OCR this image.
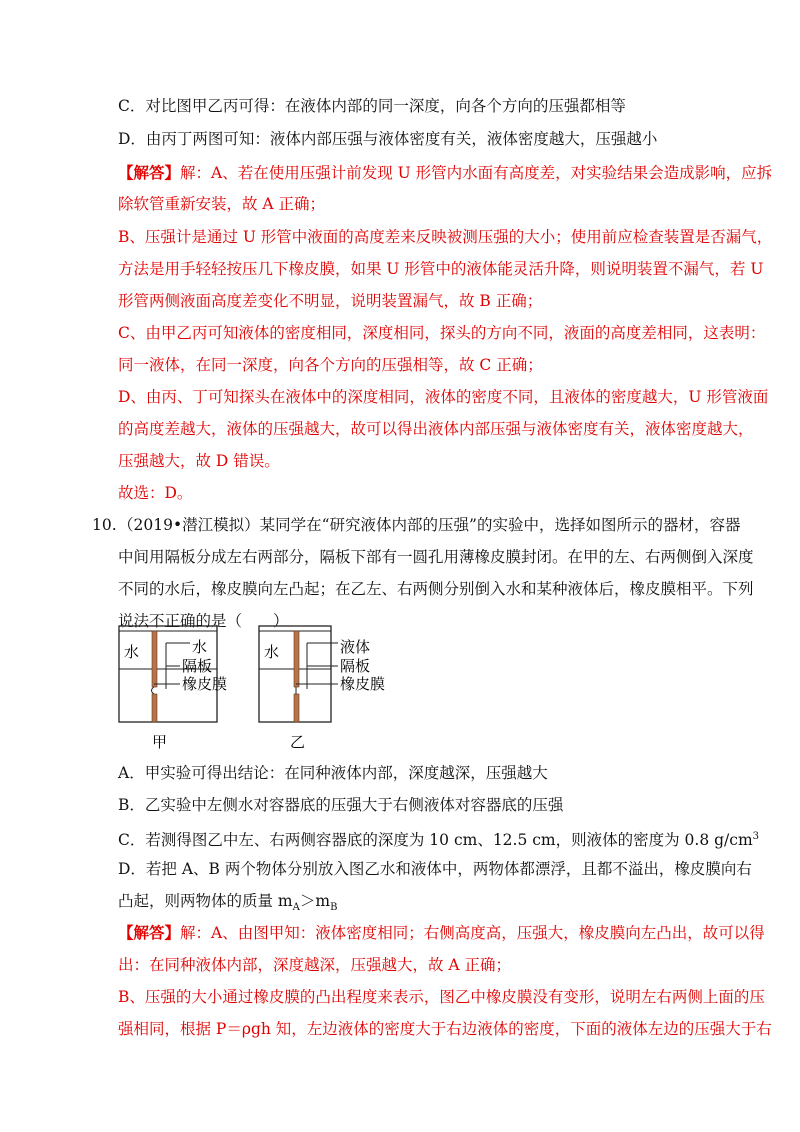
C．对比图甲乙丙可得：在液体内部的同一深度，向各个方向的压强都相等
D．由丙丁两图可知：液体内部压强与液体密度有关，液体密度越大，压强越小
【解答】解：A、若在使用压强计前发现 U 形管内水面有高度差，对实验结果会造成影响，应拆
除软管重新安装，故 A 正确；
B、压强计是通过 U 形管中液面的高度差来反映被测压强的大小；使用前应检查装置是否漏气，
方法是用手轻轻按压几下橡皮膜，如果 U 形管中的液体能灵活升降，则说明装置不漏气，若 U
形管两侧液面高度差变化不明显，说明装置漏气，故 B 正确；
C、由甲乙丙可知液体的密度相同，深度相同，探头的方向不同，液面的高度差相同，这表明：
同一液体，在同一深度，向各个方向的压强相等，故 C 正确；
D、由丙、丁可知探头在液体中的深度相同，液体的密度不同，且液体的密度越大，U 形管液面
的高度差越大，液体的压强越大，故可以得出液体内部压强与液体密度有关，液体密度越大，
压强越大，故 D 错误。
故选：D。
10. （2019•潜江模拟）某同学在“研究液体内部的压强”的实验中，选择如图所示的器材，容器
中间用隔板分成左右两部分，隔板下部有一圆孔用薄橡皮膜封闭。在甲的左、右两侧倒入深度
不同的水后，橡皮膜向左凸起；在乙左、右两侧分别倒入水和某种液体后，橡皮膜相平。下列
说法不正确的是（　　）
水	水
隔板
橡皮膜
甲
水	液体
隔板
橡皮膜
乙
A．甲实验可得出结论：在同种液体内部，深度越深，压强越大
B．乙实验中左侧水对容器底的压强大于右侧液体对容器底的压强
C．若测得图乙中左、右两侧容器底的深度为 10 cm、12.5 cm，则液体的密度为 0.8 $g/cm^3$
D．若把 A、B 两个物体分别放入图乙水和液体中，两物体都漂浮，且都不溢出，橡皮膜向右
凸起，则两物体的质量 $m_A>m_B$
【解答】解：A、由图甲知：液体密度相同；右侧高度高，压强大，橡皮膜向左凸出，故可以得
出：在同种液体内部，深度越深，压强越大，故 A 正确；
B、压强的大小通过橡皮膜的凸出程度来表示，图乙中橡皮膜没有变形，说明左右两侧上面的压
强相同，根据 P＝ρgh 知，左边液体的密度大于右边液体的密度，下面的液体左边的压强大于右
